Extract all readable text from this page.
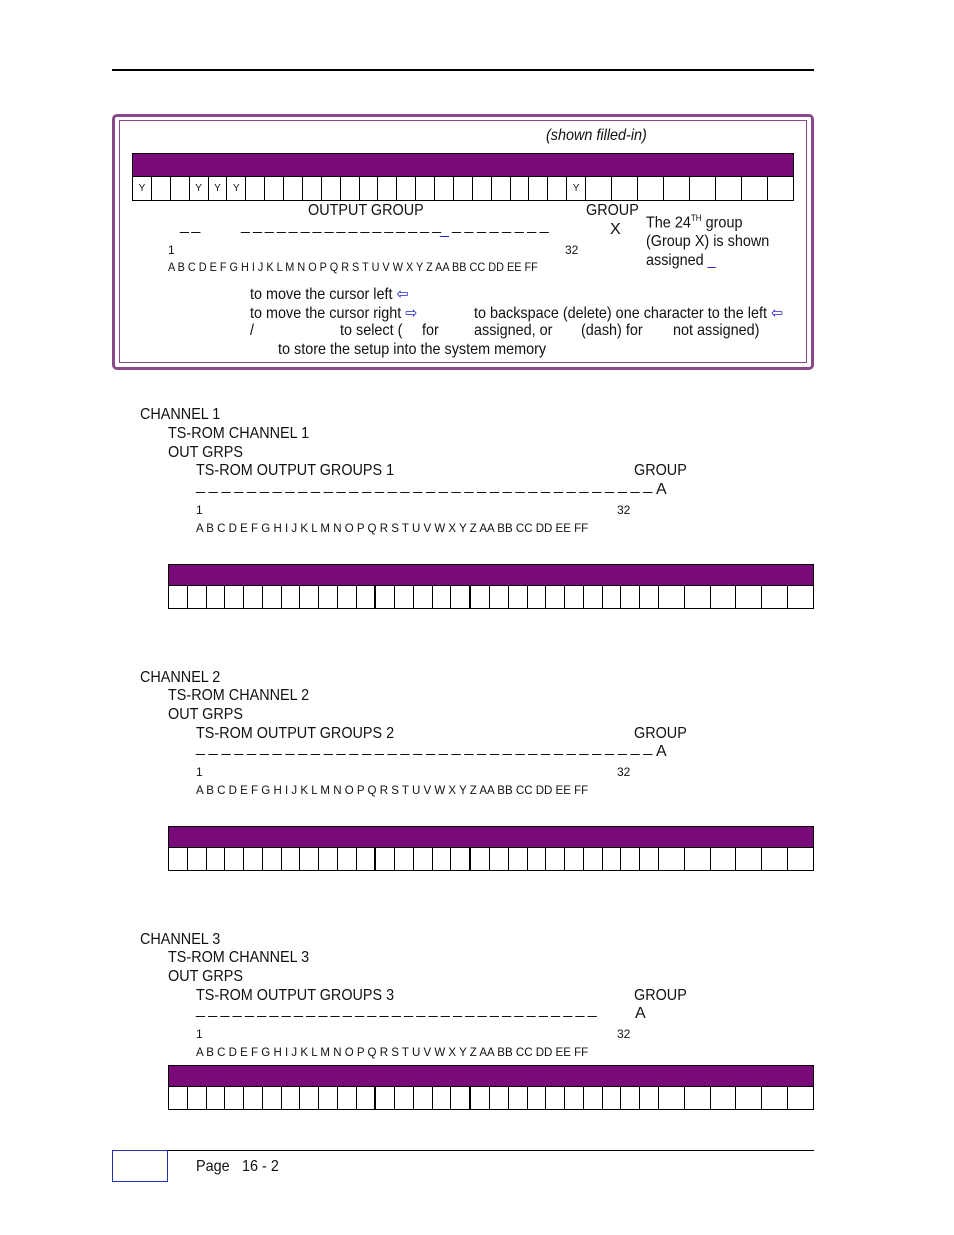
(shown filled-in)
Y	Y	Y	Y	Y
OUTPUT GROUP	GROUP
X
_ _	_ _ _ _ _ _ _ _ _ _ _ _ _ _ _ _ _ _ _ _ _ _ _ _ _ _
1	32
A B C D E F G H I J K L M N O P Q R S T U V W X Y Z AA BB CC DD EE FF
The 24TH group
(Group X) is shown
assigned _
to move the cursor left ⇦
to move the cursor right ⇨	to backspace (delete) one character to the left ⇦
/	to select ( for assigned, or (dash) for not assigned)
to store the setup into the system memory
CHANNEL 1
TS-ROM CHANNEL 1
OUT GRPS
TS-ROM OUTPUT GROUPS 1	GROUP
A
_ _ _ _ _ _ _ _ _ _ _ _ _ _ _ _ _ _ _ _ _ _ _ _ _ _ _ _ _ _ _ _ _ _ _ _
1	32
A B C D E F G H I J K L M N O P Q R S T U V W X Y Z AA BB CC DD EE FF
CHANNEL 2
TS-ROM CHANNEL 2
OUT GRPS
TS-ROM OUTPUT GROUPS 2	GROUP
A
_ _ _ _ _ _ _ _ _ _ _ _ _ _ _ _ _ _ _ _ _ _ _ _ _ _ _ _ _ _ _ _ _ _ _ _
1	32
A B C D E F G H I J K L M N O P Q R S T U V W X Y Z AA BB CC DD EE FF
CHANNEL 3
TS-ROM CHANNEL 3
OUT GRPS
TS-ROM OUTPUT GROUPS 3	GROUP
A
_ _ _ _ _ _ _ _ _ _ _ _ _ _ _ _ _ _ _ _ _ _ _ _ _ _ _ _ _ _ _ _ _
1	32
A B C D E F G H I J K L M N O P Q R S T U V W X Y Z AA BB CC DD EE FF
Page 16 - 2
